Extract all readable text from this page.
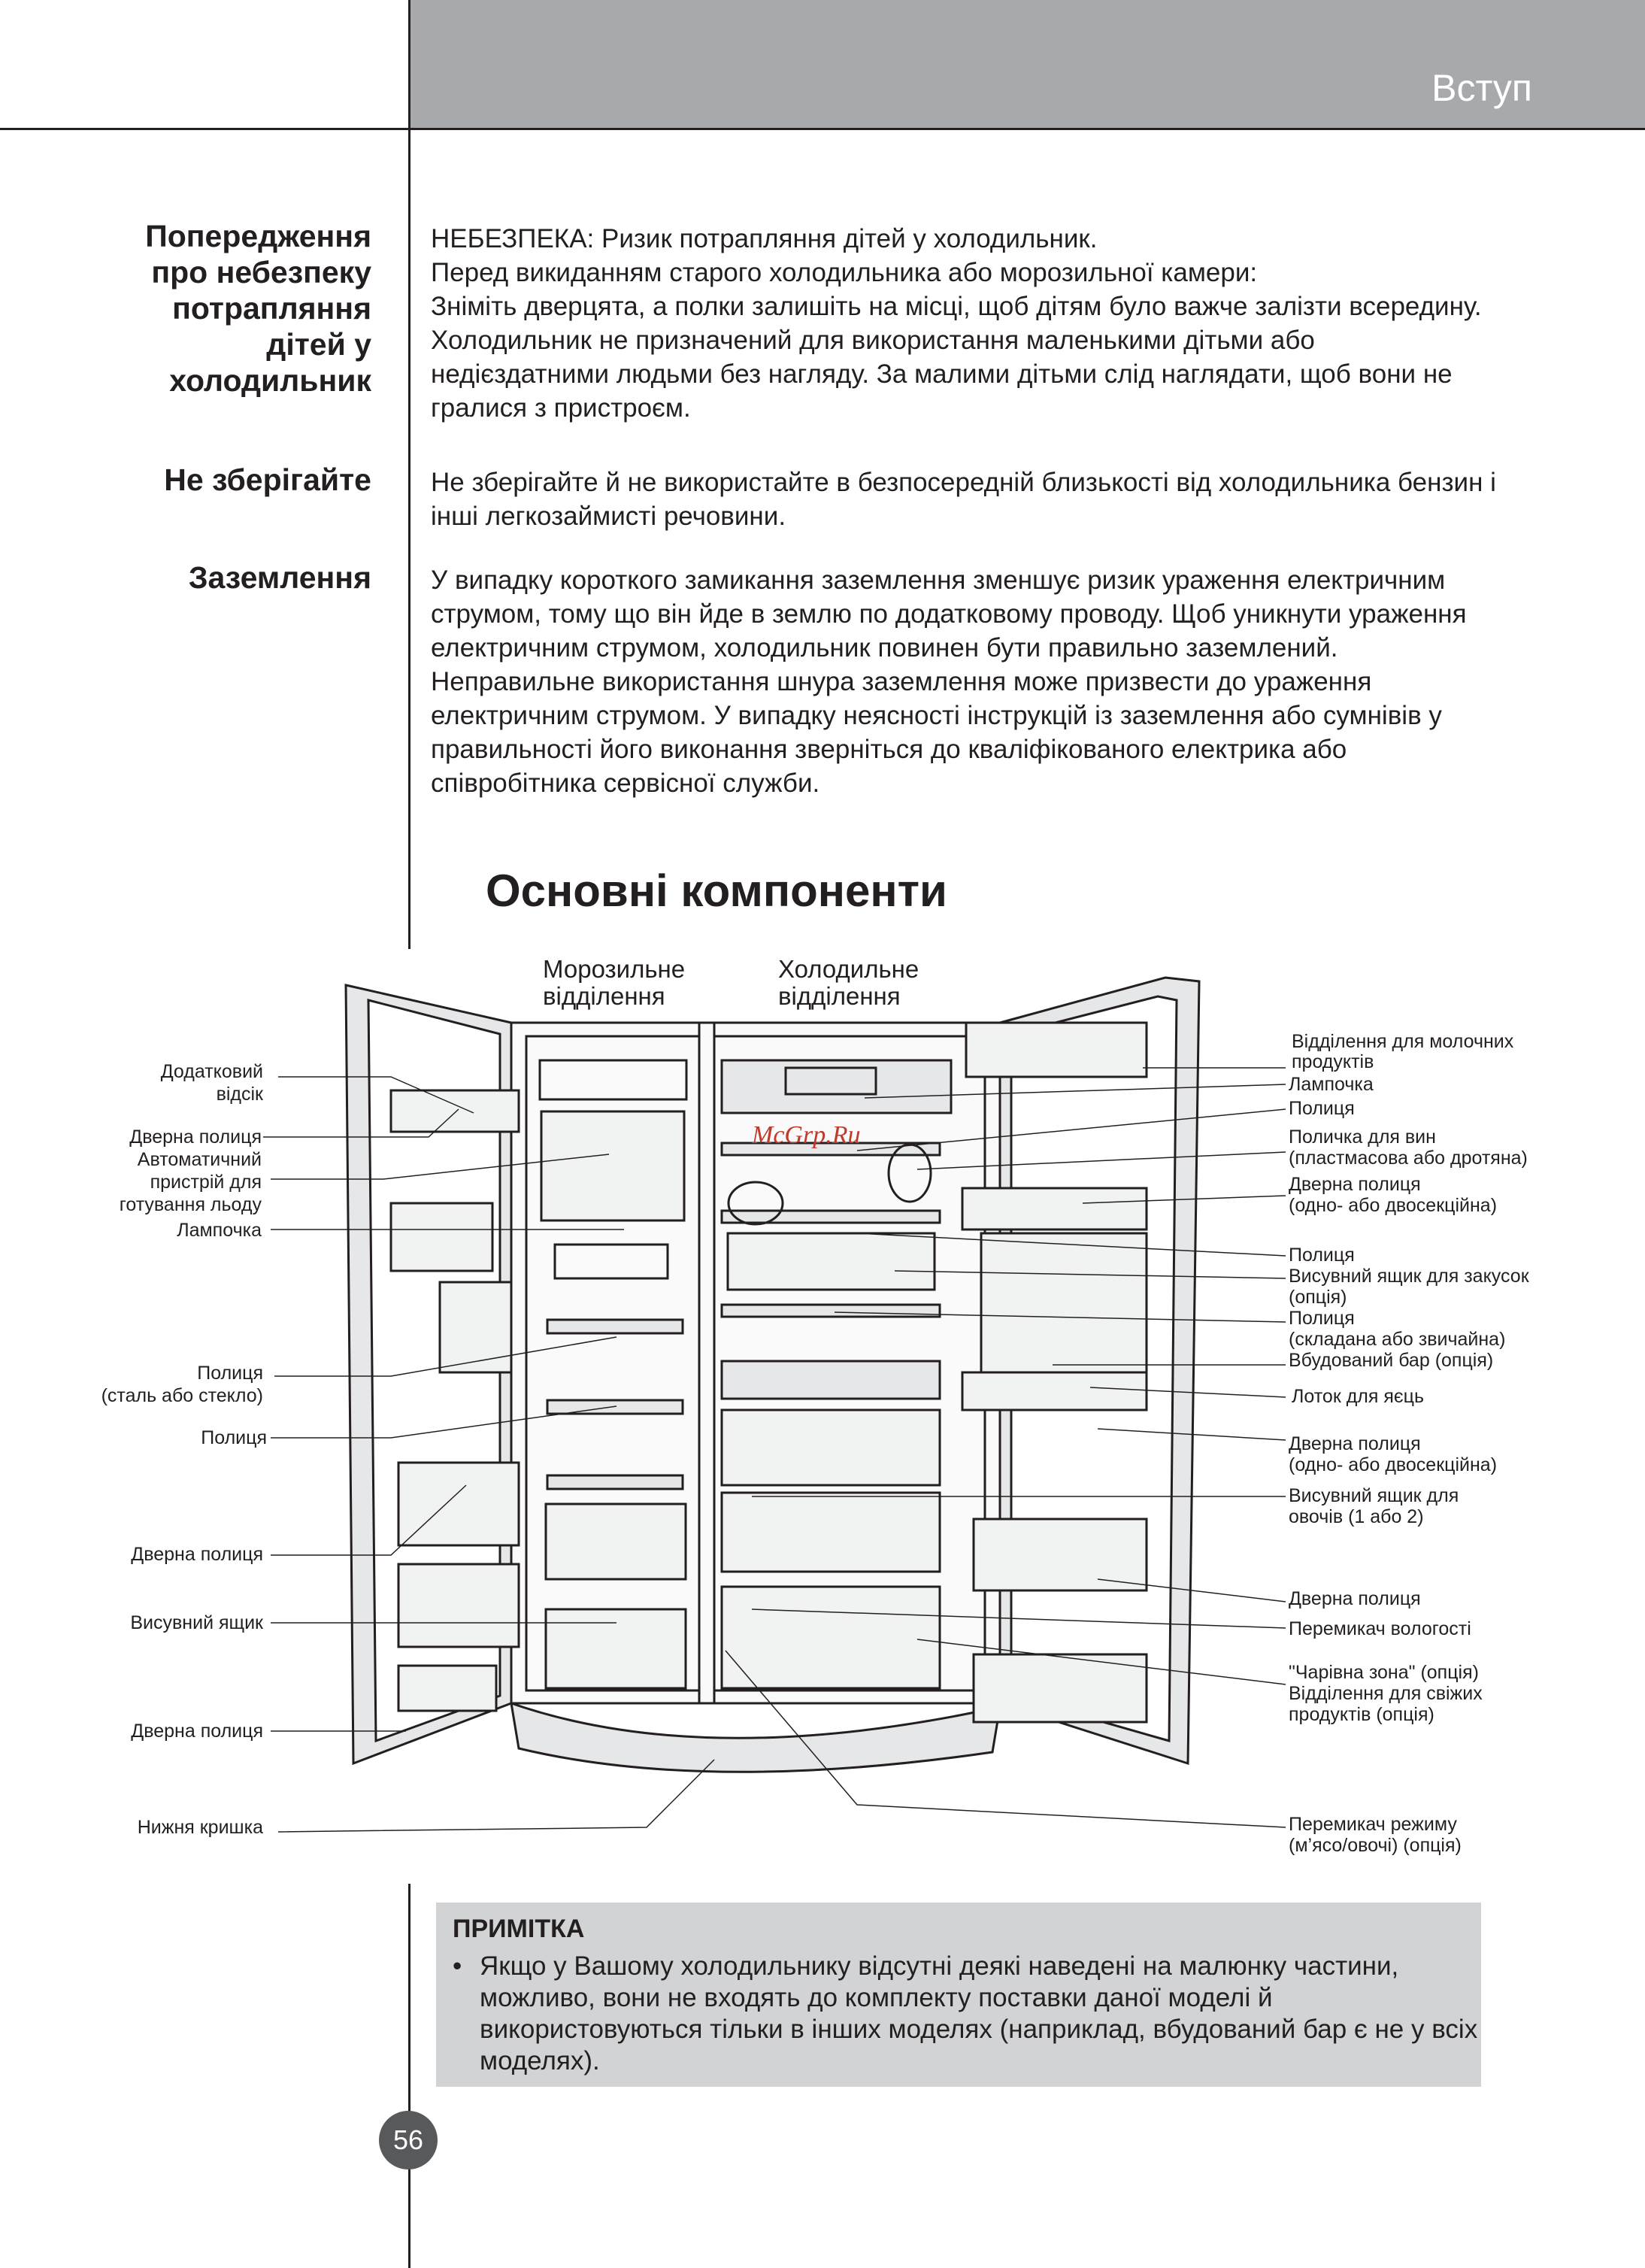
Вступ
Попередження
про небезпеку
потрапляння
дітей у
холодильник

НЕБЕЗПЕКА: Ризик потрапляння дітей у холодильник.

Перед викиданням старого холодильника або морозильної камери:

Зніміть дверцята, а полки залишіть на місці, щоб дітям було важче залізти всередину. Холодильник не призначений для використання маленькими дітьми або недієздатними людьми без нагляду. За малими дітьми слід наглядати, щоб вони не гралися з пристроєм.

Не зберігайте Не зберігайте й не використайте в безпосередній близькості від холодильника бензин і інші легкозаймисті речовини.

Заземлення У випадку короткого замикання заземлення зменшує ризик ураження електричним струмом, тому що він йде в землю по додатковому проводу. Щоб уникнути ураження електричним струмом, холодильник повинен бути правильно заземлений. Неправильне використання шнура заземлення може призвести до ураження електричним струмом. У випадку неясності інструкцій із заземлення або сумнівів у правильності його виконання зверніться до кваліфікованого електрика або співробітника сервісної служби.

Основні компоненти
Морозильне
відділення
Холодильне
відділення
McGrp.Ru
Додатковий
відсік
Дверна полиця
Автоматичний
пристрій для
готування льоду
Лампочка
Полиця
(сталь або стекло)
Полиця
Дверна полиця
Висувний ящик
Дверна полиця
Нижня кришка
Відділення для молочних
продуктів
Лампочка
Полиця
Поличка для вин
(пластмасова або дротяна)
Дверна полиця
(одно- або двосекційна)
Полиця
Висувний ящик для закусок
(опція)
Полиця
(складана або звичайна)
Вбудований бар (опція)
Лоток для яєць
Дверна полиця
(одно- або двосекційна)
Висувний ящик для
овочів (1 або 2)
Дверна полиця
Перемикач вологості
"Чарівна зона" (опція)
Відділення для свіжих
продуктів (опція)
Перемикач режиму
(м’ясо/овочі) (опція)
ПРИМІТКА
• Якщо у Вашому холодильнику відсутні деякі наведені на малюнку частини, можливо, вони не входять до комплекту поставки даної моделі й використовуються тільки в інших моделях (наприклад, вбудований бар є не у всіх моделях).
56
